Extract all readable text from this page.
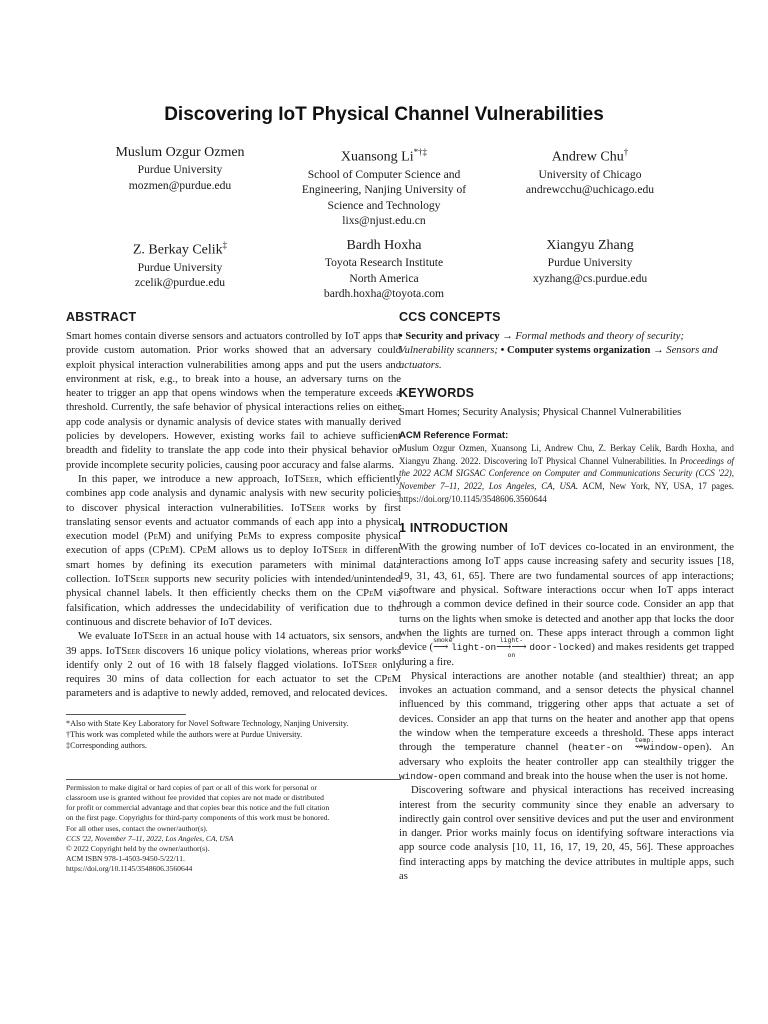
Discovering IoT Physical Channel Vulnerabilities
Muslum Ozgur Ozmen
Purdue University
mozmen@purdue.edu
Xuansong Li*†‡
School of Computer Science and
Engineering, Nanjing University of
Science and Technology
lixs@njust.edu.cn
Andrew Chu†
University of Chicago
andrewcchu@uchicago.edu
Z. Berkay Celik‡
Purdue University
zcelik@purdue.edu
Bardh Hoxha
Toyota Research Institute
North America
bardh.hoxha@toyota.com
Xiangyu Zhang
Purdue University
xyzhang@cs.purdue.edu
ABSTRACT

Smart homes contain diverse sensors and actuators controlled by IoT apps that provide custom automation. Prior works showed that an adversary could exploit physical interaction vulnerabilities among apps and put the users and environment at risk, e.g., to break into a house, an adversary turns on the heater to trigger an app that opens windows when the temperature exceeds a threshold. Currently, the safe behavior of physical interactions relies on either app code analysis or dynamic analysis of device states with manually derived policies by developers. However, existing works fail to achieve sufficient breadth and fidelity to translate the app code into their physical behavior or provide incomplete security policies, causing poor accuracy and false alarms.

In this paper, we introduce a new approach, IoTSeer, which efficiently combines app code analysis and dynamic analysis with new security policies to discover physical interaction vulnerabilities. IoTSeer works by first translating sensor events and actuator commands of each app into a physical execution model (PeM) and unifying PeMs to express composite physical execution of apps (CPeM). CPeM allows us to deploy IoTSeer in different smart homes by defining its execution parameters with minimal data collection. IoTSeer supports new security policies with intended/unintended physical channel labels. It then efficiently checks them on the CPeM via falsification, which addresses the undecidability of verification due to the continuous and discrete behavior of IoT devices.

We evaluate IoTSeer in an actual house with 14 actuators, six sensors, and 39 apps. IoTSeer discovers 16 unique policy violations, whereas prior works identify only 2 out of 16 with 18 falsely flagged violations. IoTSeer only requires 30 mins of data collection for each actuator to set the CPeM parameters and is adaptive to newly added, removed, and relocated devices.

*Also with State Key Laboratory for Novel Software Technology, Nanjing University.

†This work was completed while the authors were at Purdue University.

‡Corresponding authors.

Permission to make digital or hard copies of part or all of this work for personal or

classroom use is granted without fee provided that copies are not made or distributed

for profit or commercial advantage and that copies bear this notice and the full citation

on the first page. Copyrights for third-party components of this work must be honored.

For all other uses, contact the owner/author(s).

CCS '22, November 7–11, 2022, Los Angeles, CA, USA

© 2022 Copyright held by the owner/author(s).

ACM ISBN 978-1-4503-9450-5/22/11.

https://doi.org/10.1145/3548606.3560644

CCS CONCEPTS

• Security and privacy → Formal methods and theory of security; Vulnerability scanners; • Computer systems organization → Sensors and actuators.

KEYWORDS

Smart Homes; Security Analysis; Physical Channel Vulnerabilities

ACM Reference Format:

Muslum Ozgur Ozmen, Xuansong Li, Andrew Chu, Z. Berkay Celik, Bardh Hoxha, and Xiangyu Zhang. 2022. Discovering IoT Physical Channel Vulnerabilities. In Proceedings of the 2022 ACM SIGSAC Conference on Computer and Communications Security (CCS '22), November 7–11, 2022, Los Angeles, CA, USA. ACM, New York, NY, USA, 17 pages. https://doi.org/10.1145/3548606.3560644

1 INTRODUCTION

With the growing number of IoT devices co-located in an environment, the interactions among IoT apps cause increasing safety and security issues [18, 19, 31, 43, 61, 65]. There are two fundamental sources of app interactions; software and physical. Software interactions occur when IoT apps interact through a common device defined in their source code. Consider an app that turns on the lights when smoke is detected and another app that locks the door when the lights are turned on. These apps interact through a common light device (
smoke
⟶ light-on
light-on
⟶⟶ door-locked) and makes residents get trapped during a fire.

Physical interactions are another notable (and stealthier) threat; an app invokes an actuation command, and a sensor detects the physical channel influenced by this command, triggering other apps that actuate a set of devices. Consider an app that turns on the heater and another app that opens the window when the temperature exceeds a threshold. These apps interact through the temperature channel (heater-on
temp.
⇝window-open). An adversary who exploits the heater controller app can stealthily trigger the window-open command and break into the house when the user is not home.

Discovering software and physical interactions has received increasing interest from the security community since they enable an adversary to indirectly gain control over sensitive devices and put the user and environment in danger. Prior works mainly focus on identifying software interactions via app source code analysis [10, 11, 16, 17, 19, 20, 45, 56]. These approaches find interacting apps by matching the device attributes in multiple apps, such as
